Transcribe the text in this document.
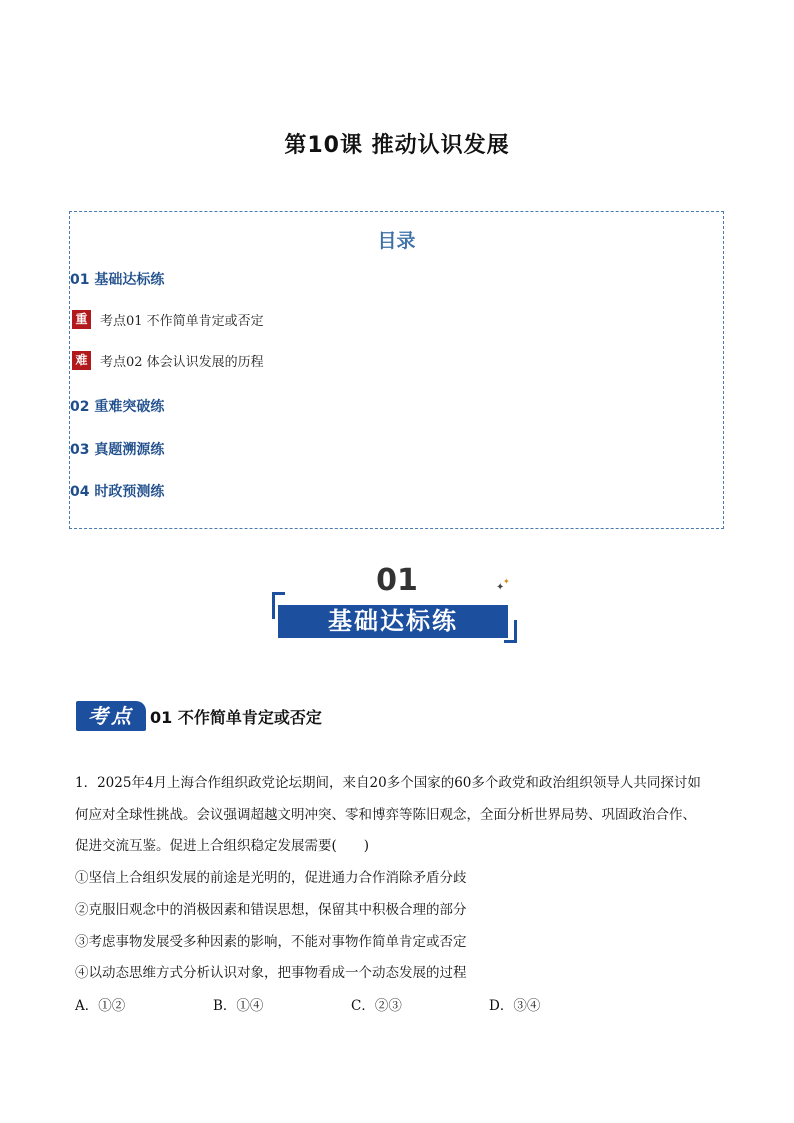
第10课 推动认识发展
目录
01 基础达标练
重 考点01 不作简单肯定或否定
难 考点02 体会认识发展的历程
02 重难突破练
03 真题溯源练
04 时政预测练
01	✦
✦
基础达标练
考点	01 不作简单肯定或否定
1．2025年4月上海合作组织政党论坛期间，来自20多个国家的60多个政党和政治组织领导人共同探讨如
何应对全球性挑战。会议强调超越文明冲突、零和博弈等陈旧观念，全面分析世界局势、巩固政治合作、
促进交流互鉴。促进上合组织稳定发展需要(　　)
①坚信上合组织发展的前途是光明的，促进通力合作消除矛盾分歧
②克服旧观念中的消极因素和错误思想，保留其中积极合理的部分
③考虑事物发展受多种因素的影响，不能对事物作简单肯定或否定
④以动态思维方式分析认识对象，把事物看成一个动态发展的过程
A．①②	B．①④	C．②③	D．③④
